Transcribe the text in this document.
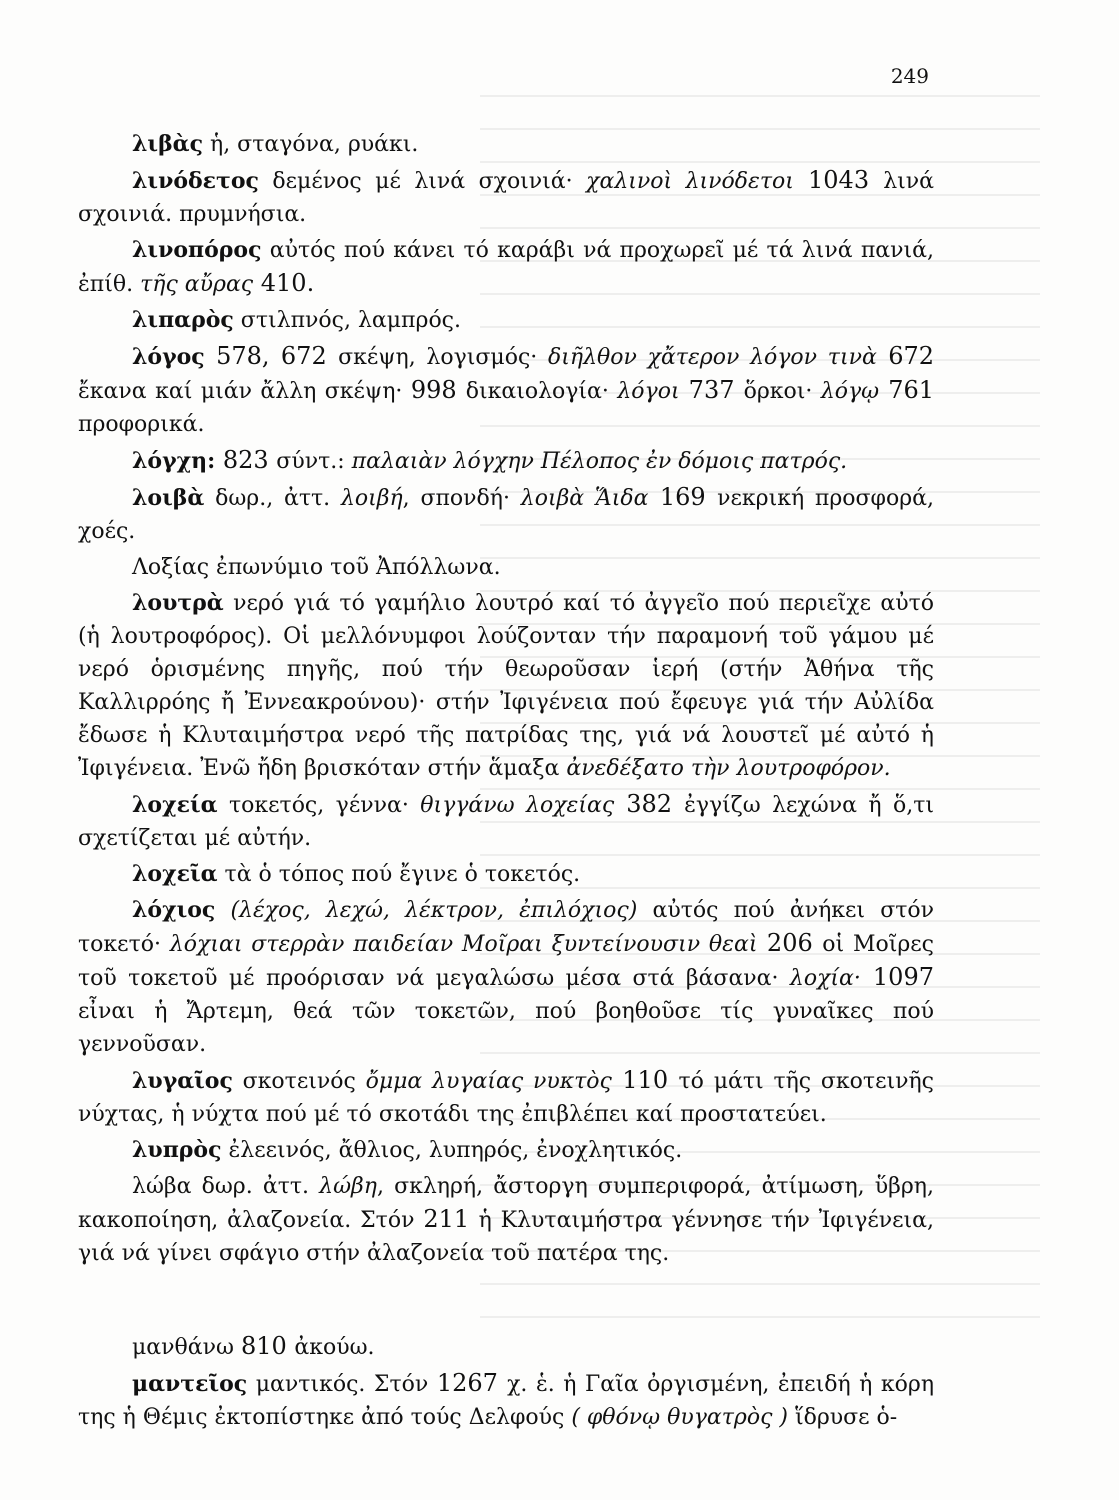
249

λιβὰς ἡ, σταγόνα, ρυάκι.

λινόδετος δεμένος μέ λινά σχοινιά· χαλινοὶ λινόδετοι 1043 λινά σχοινιά. πρυμνήσια.

λινοπόρος αὐτός πού κάνει τό καράβι νά προχωρεῖ μέ τά λινά πανιά, ἐπίθ. τῆς αὔρας 410.

λιπαρὸς στιλπνός, λαμπρός.

λόγος 578, 672 σκέψη, λογισμός· διῆλθον χἄτερον λόγον τινὰ 672 ἔκανα καί μιάν ἄλλη σκέψη· 998 δικαιολογία· λόγοι 737 ὅρκοι· λόγῳ 761 προφορικά.

λόγχη: 823 σύντ.: παλαιὰν λόγχην Πέλοπος ἐν δόμοις πατρός.

λοιβὰ δωρ., ἀττ. λοιβή, σπονδή· λοιβὰ Ἅιδα 169 νεκρική προσφορά, χοές.

Λοξίας ἐπωνύμιο τοῦ Ἀπόλλωνα.

λουτρὰ νερό γιά τό γαμήλιο λουτρό καί τό ἀγγεῖο πού περιεῖχε αὐτό (ἡ λουτροφόρος). Οἱ μελλόνυμφοι λούζονταν τήν παραμονή τοῦ γάμου μέ νερό ὁρισμένης πηγῆς, πού τήν θεωροῦσαν ἱερή (στήν Ἀθήνα τῆς Καλλιρρόης ἤ Ἐννεακρούνου)· στήν Ἰφιγένεια πού ἔφευγε γιά τήν Αὐλίδα ἔδωσε ἡ Κλυταιμήστρα νερό τῆς πατρίδας της, γιά νά λουστεῖ μέ αὐτό ἡ Ἰφιγένεια. Ἐνῶ ἤδη βρισκόταν στήν ἅμαξα ἀνεδέξατο τὴν λουτροφόρον.

λοχεία τοκετός, γέννα· θιγγάνω λοχείας 382 ἐγγίζω λεχώνα ἤ ὅ,τι σχετίζεται μέ αὐτήν.

λοχεῖα τὰ ὁ τόπος πού ἔγινε ὁ τοκετός.

λόχιος (λέχος, λεχώ, λέκτρον, ἐπιλόχιος) αὐτός πού ἀνήκει στόν τοκετό· λόχιαι στερρὰν παιδείαν Μοῖραι ξυντείνουσιν θεαὶ 206 οἱ Μοῖρες τοῦ τοκετοῦ μέ προόρισαν νά μεγαλώσω μέσα στά βάσανα· λοχία· 1097 εἶναι ἡ Ἄρτεμη, θεά τῶν τοκετῶν, πού βοηθοῦσε τίς γυναῖκες πού γεννοῦσαν.

λυγαῖος σκοτεινός ὄμμα λυγαίας νυκτὸς 110 τό μάτι τῆς σκοτεινῆς νύχτας, ἡ νύχτα πού μέ τό σκοτάδι της ἐπιβλέπει καί προστατεύει.

λυπρὸς ἐλεεινός, ἄθλιος, λυπηρός, ἐνοχλητικός.

λώβα δωρ. ἀττ. λώβη, σκληρή, ἄστοργη συμπεριφορά, ἀτίμωση, ὕβρη, κακοποίηση, ἀλαζονεία. Στόν 211 ἡ Κλυταιμήστρα γέννησε τήν Ἰφιγένεια, γιά νά γίνει σφάγιο στήν ἀλαζονεία τοῦ πατέρα της.

μανθάνω 810 ἀκούω.

μαντεῖος μαντικός. Στόν 1267 χ. ἑ. ἡ Γαῖα ὀργισμένη, ἐπειδή ἡ κόρη της ἡ Θέμις ἐκτοπίστηκε ἀπό τούς Δελφούς ( φθόνῳ θυγατρὸς ) ἵδρυσε ὁ-
